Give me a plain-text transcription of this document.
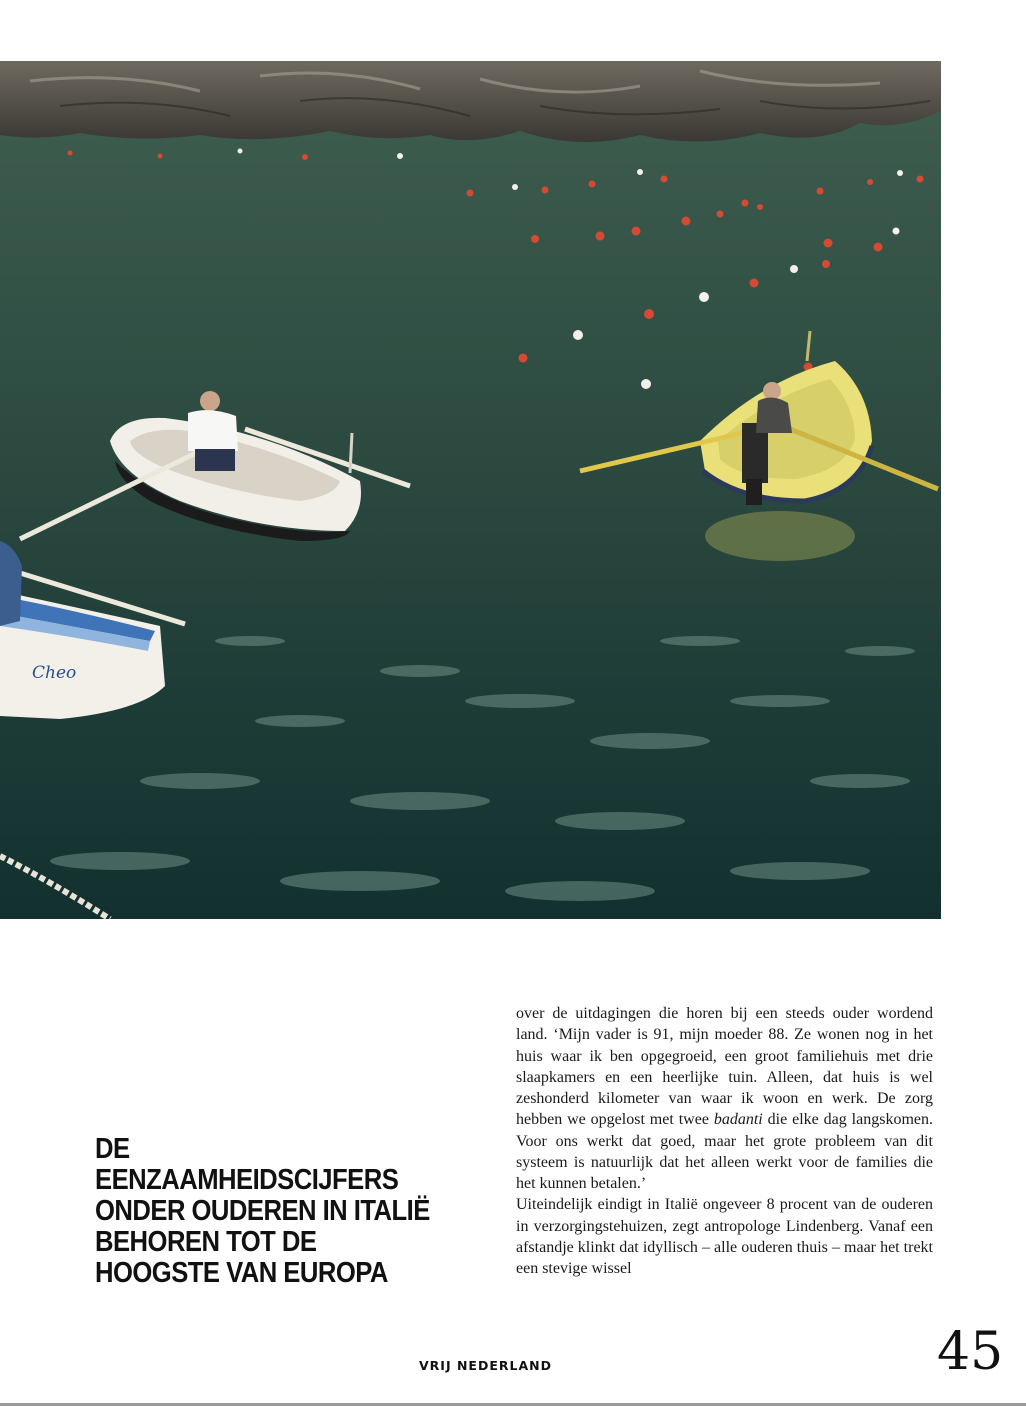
Cheo
DE EENZAAMHEIDSCIJFERS ONDER OUDEREN IN ITALIË BEHOREN TOT DE HOOGSTE VAN EUROPA

over de uitdagingen die horen bij een steeds ouder wordend land. ‘Mijn vader is 91, mijn moeder 88. Ze wonen nog in het huis waar ik ben opgegroeid, een groot familiehuis met drie slaapkamers en een heerlijke tuin. Alleen, dat huis is wel zeshonderd kilometer van waar ik woon en werk. De zorg hebben we opgelost met twee badanti die elke dag langskomen. Voor ons werkt dat goed, maar het grote probleem van dit systeem is natuurlijk dat het alleen werkt voor de families die het kunnen betalen.’

Uiteindelijk eindigt in Italië ongeveer 8 procent van de ouderen in verzorgingstehuizen, zegt antropologe Lindenberg. Vanaf een afstandje klinkt dat idyllisch – alle ouderen thuis – maar het trekt een stevige wissel

VRIJ NEDERLAND	45
